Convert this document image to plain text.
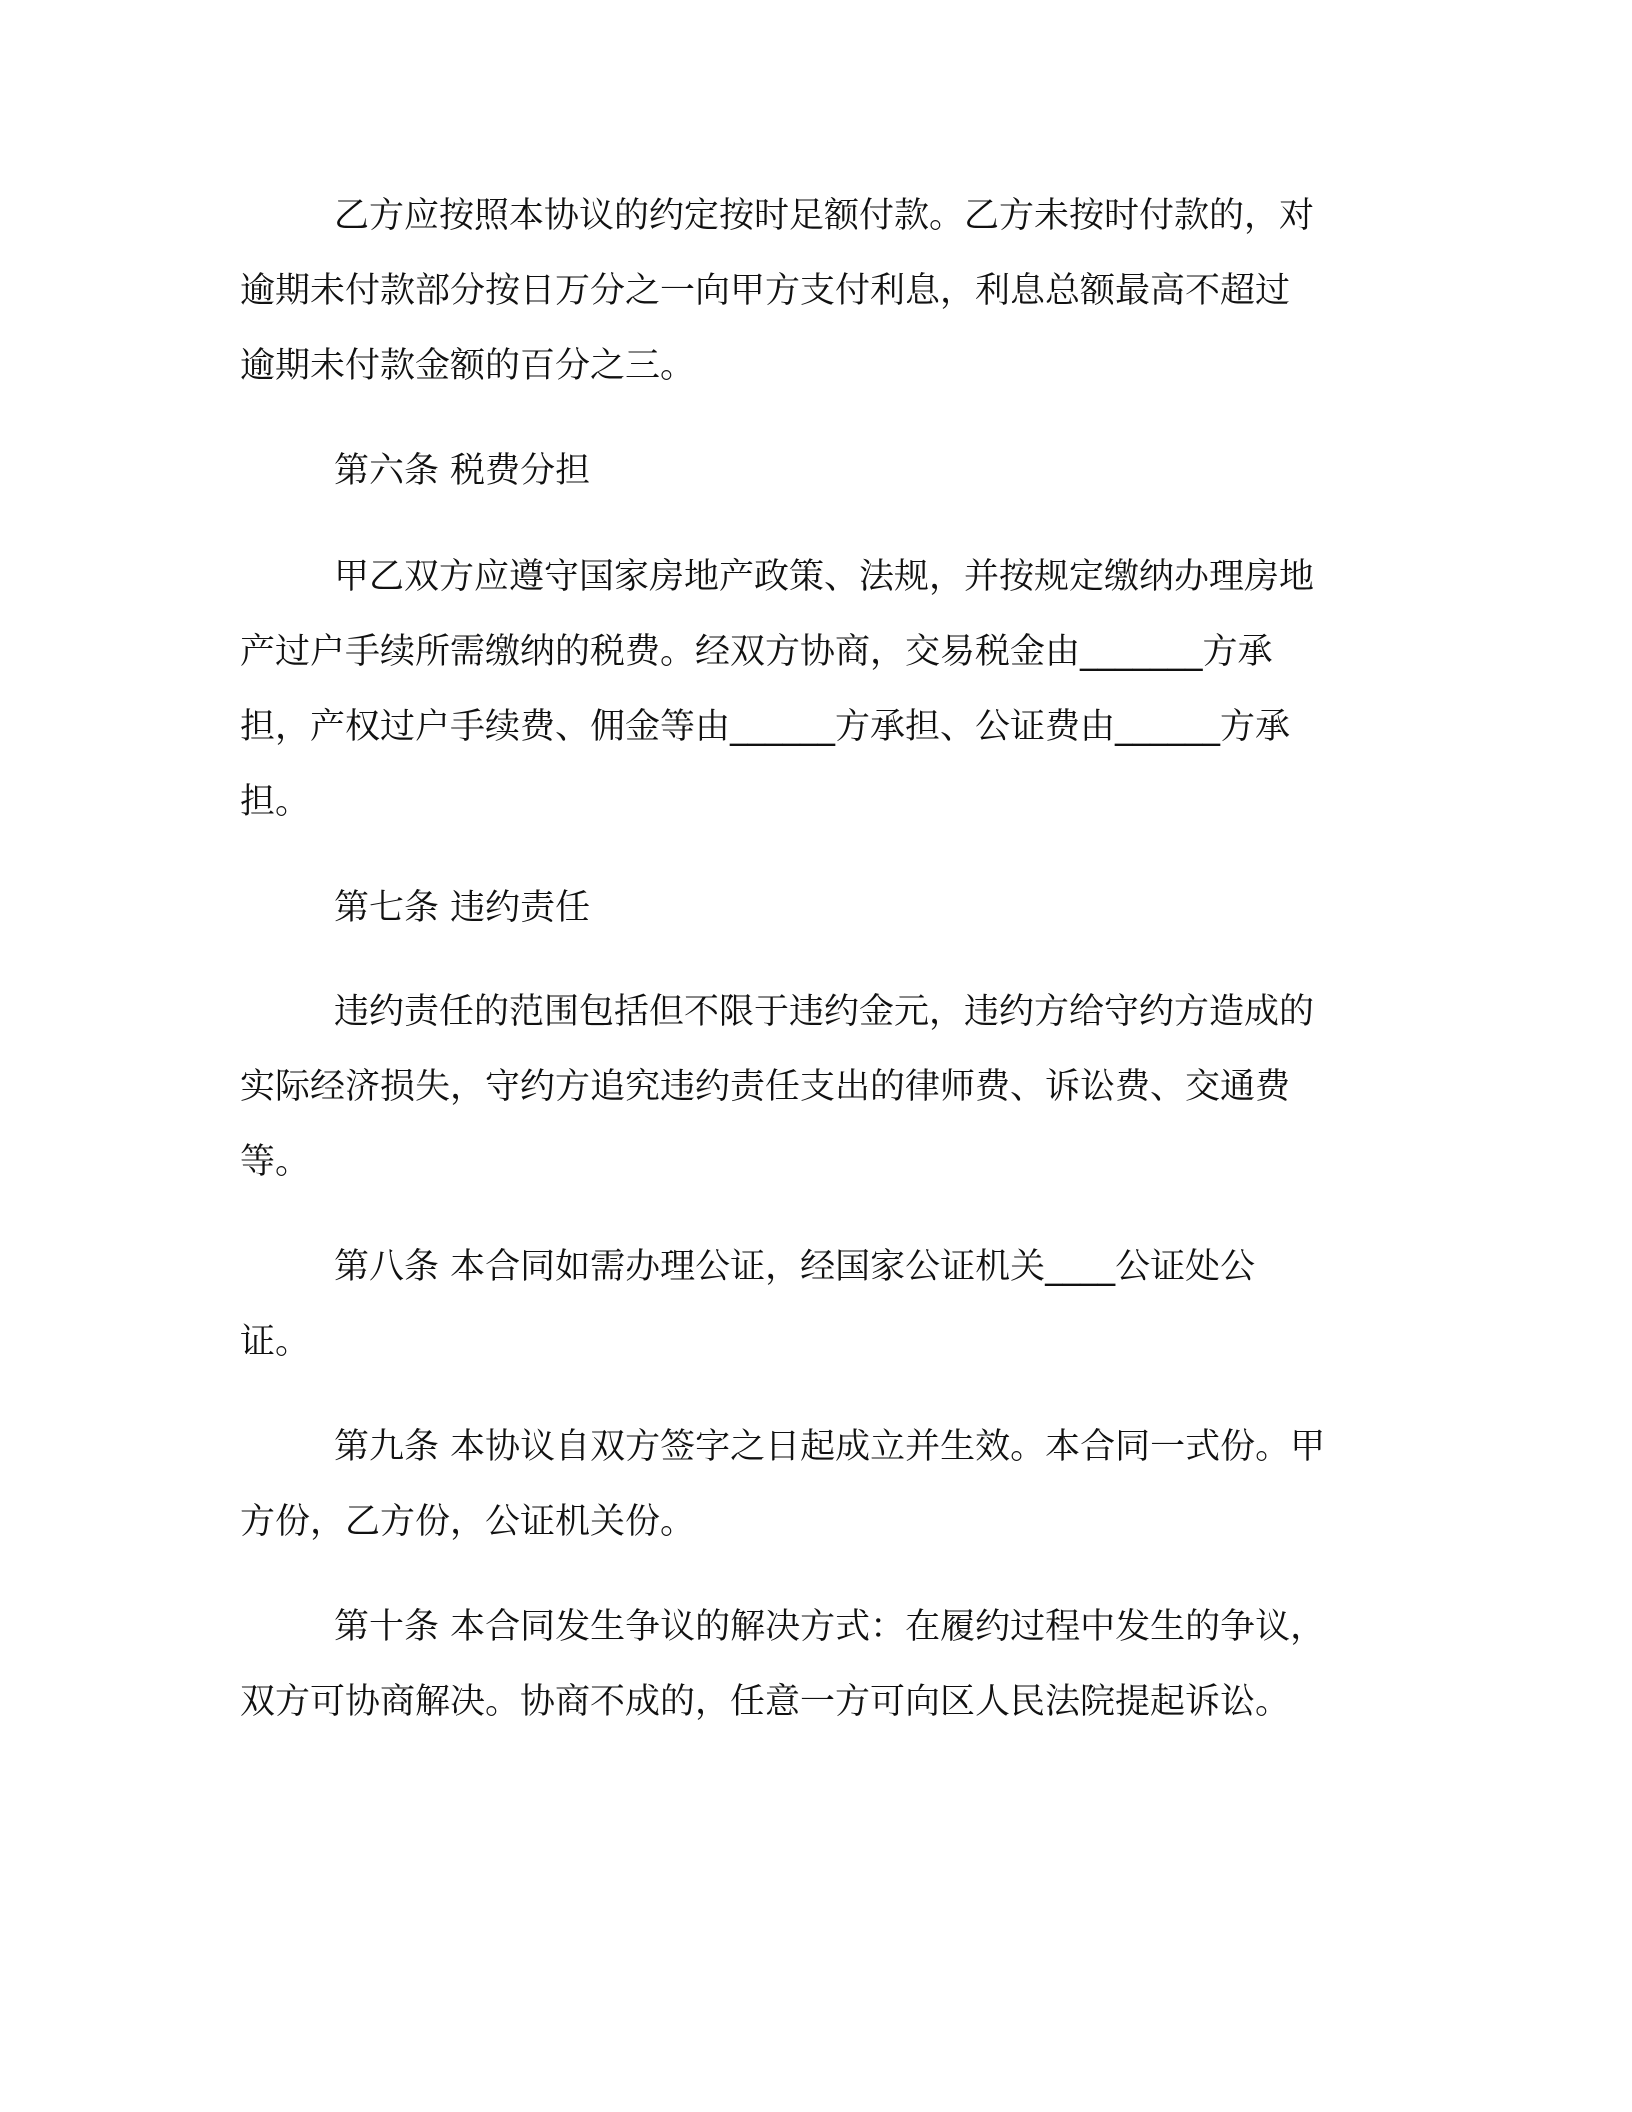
乙方应按照本协议的约定按时足额付款。乙方未按时付款的，对

逾期未付款部分按日万分之一向甲方支付利息，利息总额最高不超过

逾期未付款金额的百分之三。

第六条 税费分担

甲乙双方应遵守国家房地产政策、法规，并按规定缴纳办理房地

产过户手续所需缴纳的税费。经双方协商，交易税金由_______方承

担，产权过户手续费、佣金等由______方承担、公证费由______方承

担。

第七条 违约责任

违约责任的范围包括但不限于违约金元，违约方给守约方造成的

实际经济损失，守约方追究违约责任支出的律师费、诉讼费、交通费

等。

第八条 本合同如需办理公证，经国家公证机关____公证处公

证。

第九条 本协议自双方签字之日起成立并生效。本合同一式份。甲

方份，乙方份，公证机关份。

第十条 本合同发生争议的解决方式：在履约过程中发生的争议，

双方可协商解决。协商不成的，任意一方可向区人民法院提起诉讼。
